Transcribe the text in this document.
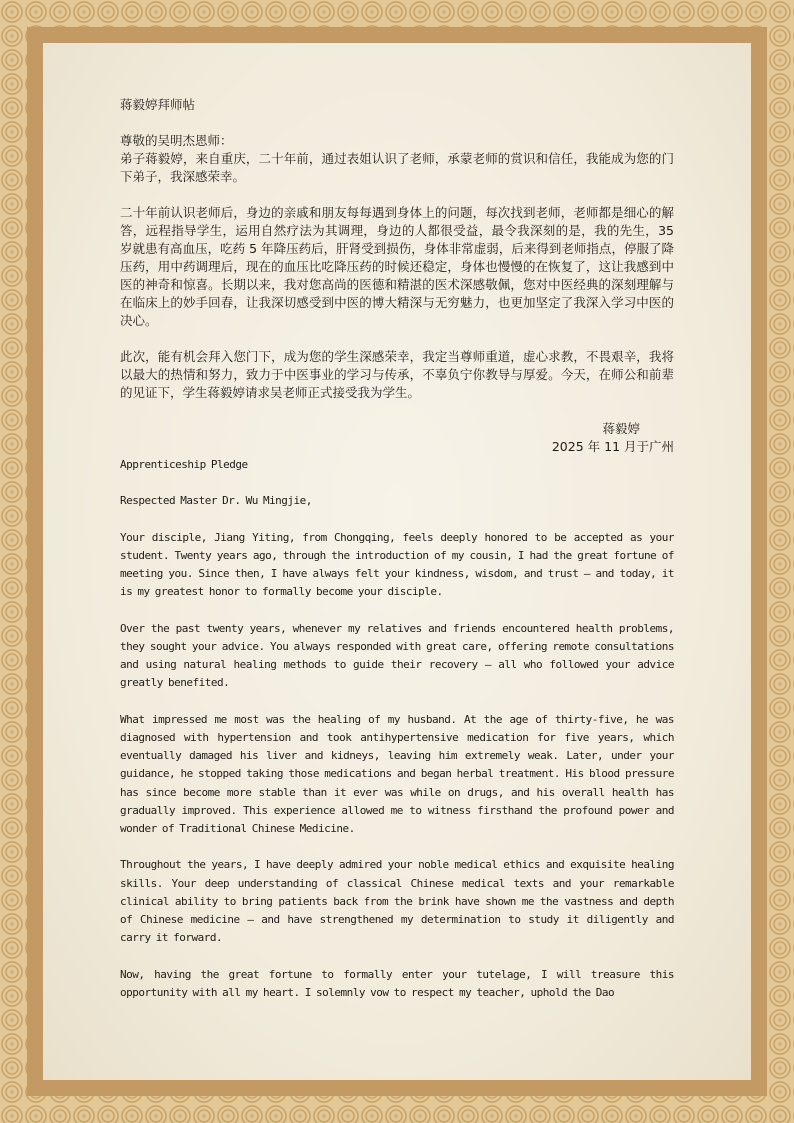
蒋毅婷拜师帖

尊敬的吴明杰恩师：

弟子蒋毅婷，来自重庆，二十年前，通过表姐认识了老师，承蒙老师的赏识和信任，我能成为您的门下弟子，我深感荣幸。

二十年前认识老师后，身边的亲戚和朋友每每遇到身体上的问题，每次找到老师，老师都是细心的解答，远程指导学生，运用自然疗法为其调理，身边的人都很受益，最令我深刻的是，我的先生，35 岁就患有高血压，吃药 5 年降压药后，肝肾受到损伤，身体非常虚弱，后来得到老师指点，停服了降压药，用中药调理后，现在的血压比吃降压药的时候还稳定，身体也慢慢的在恢复了，这让我感到中医的神奇和惊喜。长期以来，我对您高尚的医德和精湛的医术深感敬佩，您对中医经典的深刻理解与在临床上的妙手回春，让我深切感受到中医的博大精深与无穷魅力，也更加坚定了我深入学习中医的决心。

此次，能有机会拜入您门下，成为您的学生深感荣幸，我定当尊师重道，虚心求教，不畏艰辛，我将以最大的热情和努力，致力于中医事业的学习与传承，不辜负宁你教导与厚爱。今天，在师公和前辈的见证下，学生蒋毅婷请求吴老师正式接受我为学生。

蒋毅婷

2025 年 11 月于广州

Apprenticeship Pledge

Respected Master Dr. Wu Mingjie,

Your disciple, Jiang Yiting, from Chongqing, feels deeply honored to be accepted as your student. Twenty years ago, through the introduction of my cousin, I had the great fortune of meeting you. Since then, I have always felt your kindness, wisdom, and trust — and today, it is my greatest honor to formally become your disciple.

Over the past twenty years, whenever my relatives and friends encountered health problems, they sought your advice. You always responded with great care, offering remote consultations and using natural healing methods to guide their recovery — all who followed your advice greatly benefited.

What impressed me most was the healing of my husband. At the age of thirty-five, he was diagnosed with hypertension and took antihypertensive medication for five years, which eventually damaged his liver and kidneys, leaving him extremely weak. Later, under your guidance, he stopped taking those medications and began herbal treatment. His blood pressure has since become more stable than it ever was while on drugs, and his overall health has gradually improved. This experience allowed me to witness firsthand the profound power and wonder of Traditional Chinese Medicine.

Throughout the years, I have deeply admired your noble medical ethics and exquisite healing skills. Your deep understanding of classical Chinese medical texts and your remarkable clinical ability to bring patients back from the brink have shown me the vastness and depth of Chinese medicine — and have strengthened my determination to study it diligently and carry it forward.

Now, having the great fortune to formally enter your tutelage, I will treasure this opportunity with all my heart. I solemnly vow to respect my teacher, uphold the Dao
